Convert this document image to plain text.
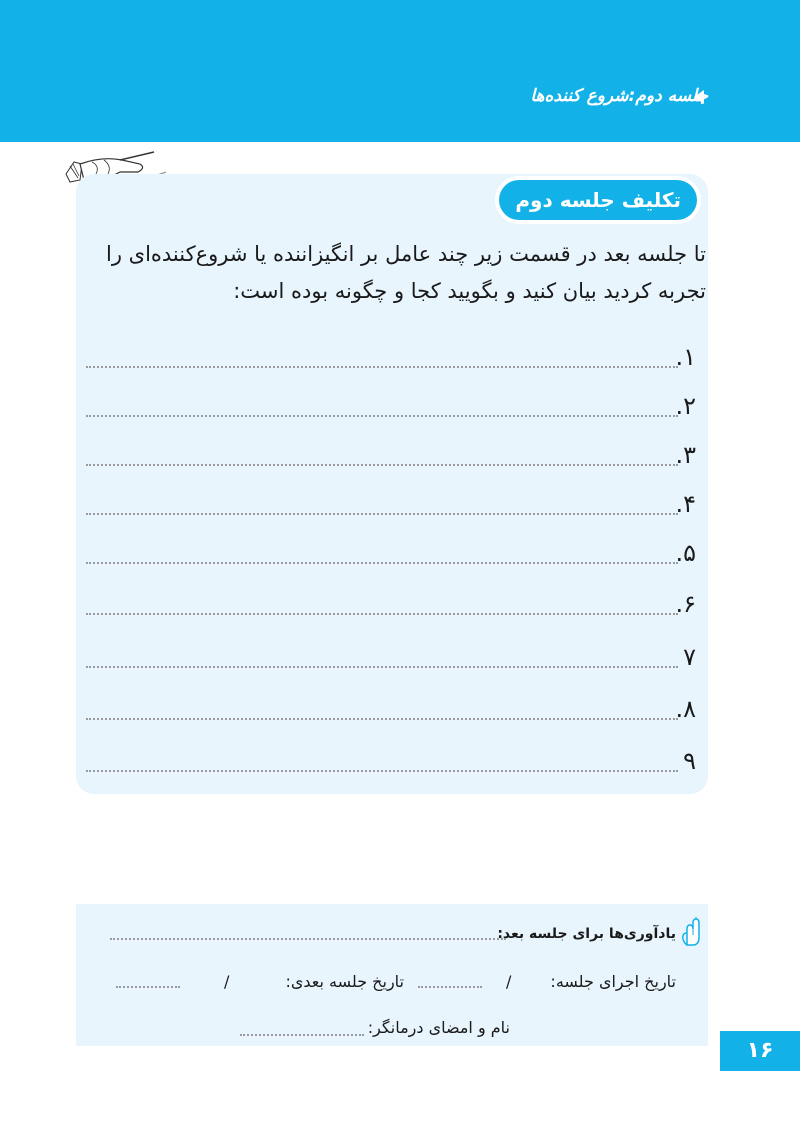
جلسه دوم:شروع کننده‌ها
تکلیف جلسه دوم
تا جلسه بعد در قسمت زیر چند عامل بر انگیزاننده یا شروع‌کننده‌ای را
تجربه کردید بیان کنید و بگویید کجا و چگونه بوده است:
۱.
۲.
۳.
۴.
۵.
۶.
۷
۸.
۹
یادآوری‌ها برای جلسه بعد:
تاریخ اجرای جلسه:
/
تاریخ جلسه بعدی:
/
نام و امضای درمانگر:
۱۶
